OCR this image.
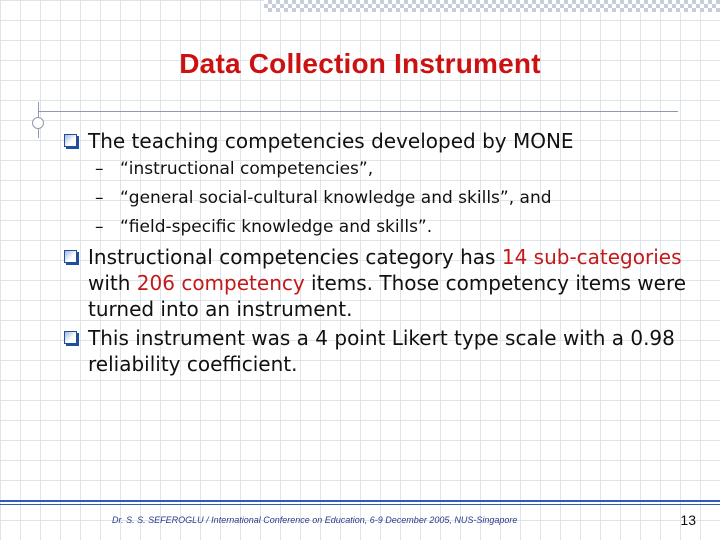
Data Collection Instrument
The teaching competencies developed by MONE
– “instructional competencies”,
– “general social-cultural knowledge and skills”, and
– “field-specific knowledge and skills”.
Instructional competencies category has 14 sub-categories with 206 competency items. Those competency items were turned into an instrument.
This instrument was a 4 point Likert type scale with a 0.98 reliability coefficient.
Dr. S. S. SEFEROGLU / International Conference on Education, 6-9 December 2005, NUS-Singapore	13
